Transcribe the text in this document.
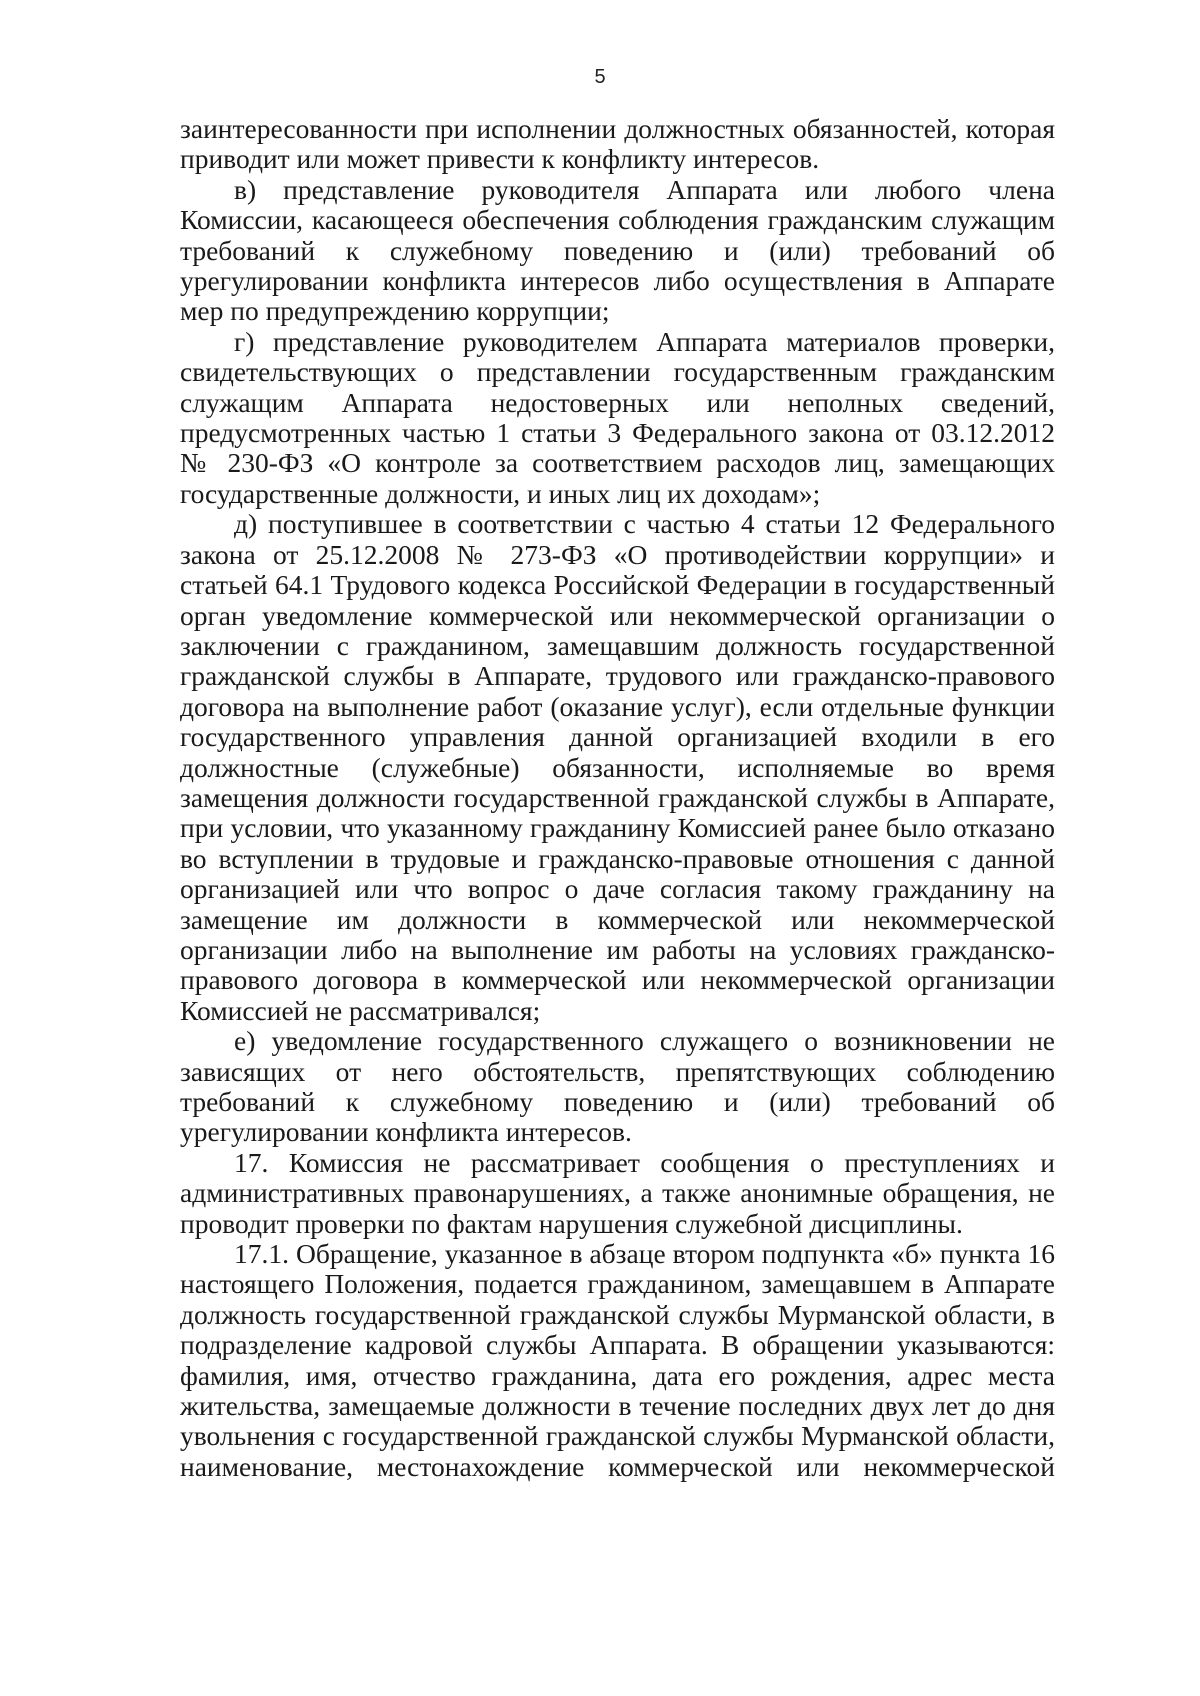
5

заинтересованности при исполнении должностных обязанностей, которая приводит или может привести к конфликту интересов.

в) представление руководителя Аппарата или любого члена Комиссии, касающееся обеспечения соблюдения гражданским служащим требований к служебному поведению и (или) требований об урегулировании конфликта интересов либо осуществления в Аппарате мер по предупреждению коррупции;

г) представление руководителем Аппарата материалов проверки, свидетельствующих о представлении государственным гражданским служащим Аппарата недостоверных или неполных сведений, предусмотренных частью 1 статьи 3 Федерального закона от 03.12.2012 № 230-ФЗ «О контроле за соответствием расходов лиц, замещающих государственные должности, и иных лиц их доходам»;

д) поступившее в соответствии с частью 4 статьи 12 Федерального закона от 25.12.2008 № 273-ФЗ «О противодействии коррупции» и статьей 64.1 Трудового кодекса Российской Федерации в государственный орган уведомление коммерческой или некоммерческой организации о заключении с гражданином, замещавшим должность государственной гражданской службы в Аппарате, трудового или гражданско-правового договора на выполнение работ (оказание услуг), если отдельные функции государственного управления данной организацией входили в его должностные (служебные) обязанности, исполняемые во время замещения должности государственной гражданской службы в Аппарате, при условии, что указанному гражданину Комиссией ранее было отказано во вступлении в трудовые и гражданско-правовые отношения с данной организацией или что вопрос о даче согласия такому гражданину на замещение им должности в коммерческой или некоммерческой организации либо на выполнение им работы на условиях гражданско-правового договора в коммерческой или некоммерческой организации Комиссией не рассматривался;

е) уведомление государственного служащего о возникновении не зависящих от него обстоятельств, препятствующих соблюдению требований к служебному поведению и (или) требований об урегулировании конфликта интересов.

17. Комиссия не рассматривает сообщения о преступлениях и административных правонарушениях, а также анонимные обращения, не проводит проверки по фактам нарушения служебной дисциплины.

17.1. Обращение, указанное в абзаце втором подпункта «б» пункта 16 настоящего Положения, подается гражданином, замещавшем в Аппарате должность государственной гражданской службы Мурманской области, в подразделение кадровой службы Аппарата. В обращении указываются: фамилия, имя, отчество гражданина, дата его рождения, адрес места жительства, замещаемые должности в течение последних двух лет до дня увольнения с государственной гражданской службы Мурманской области, наименование, местонахождение коммерческой или некоммерческой
